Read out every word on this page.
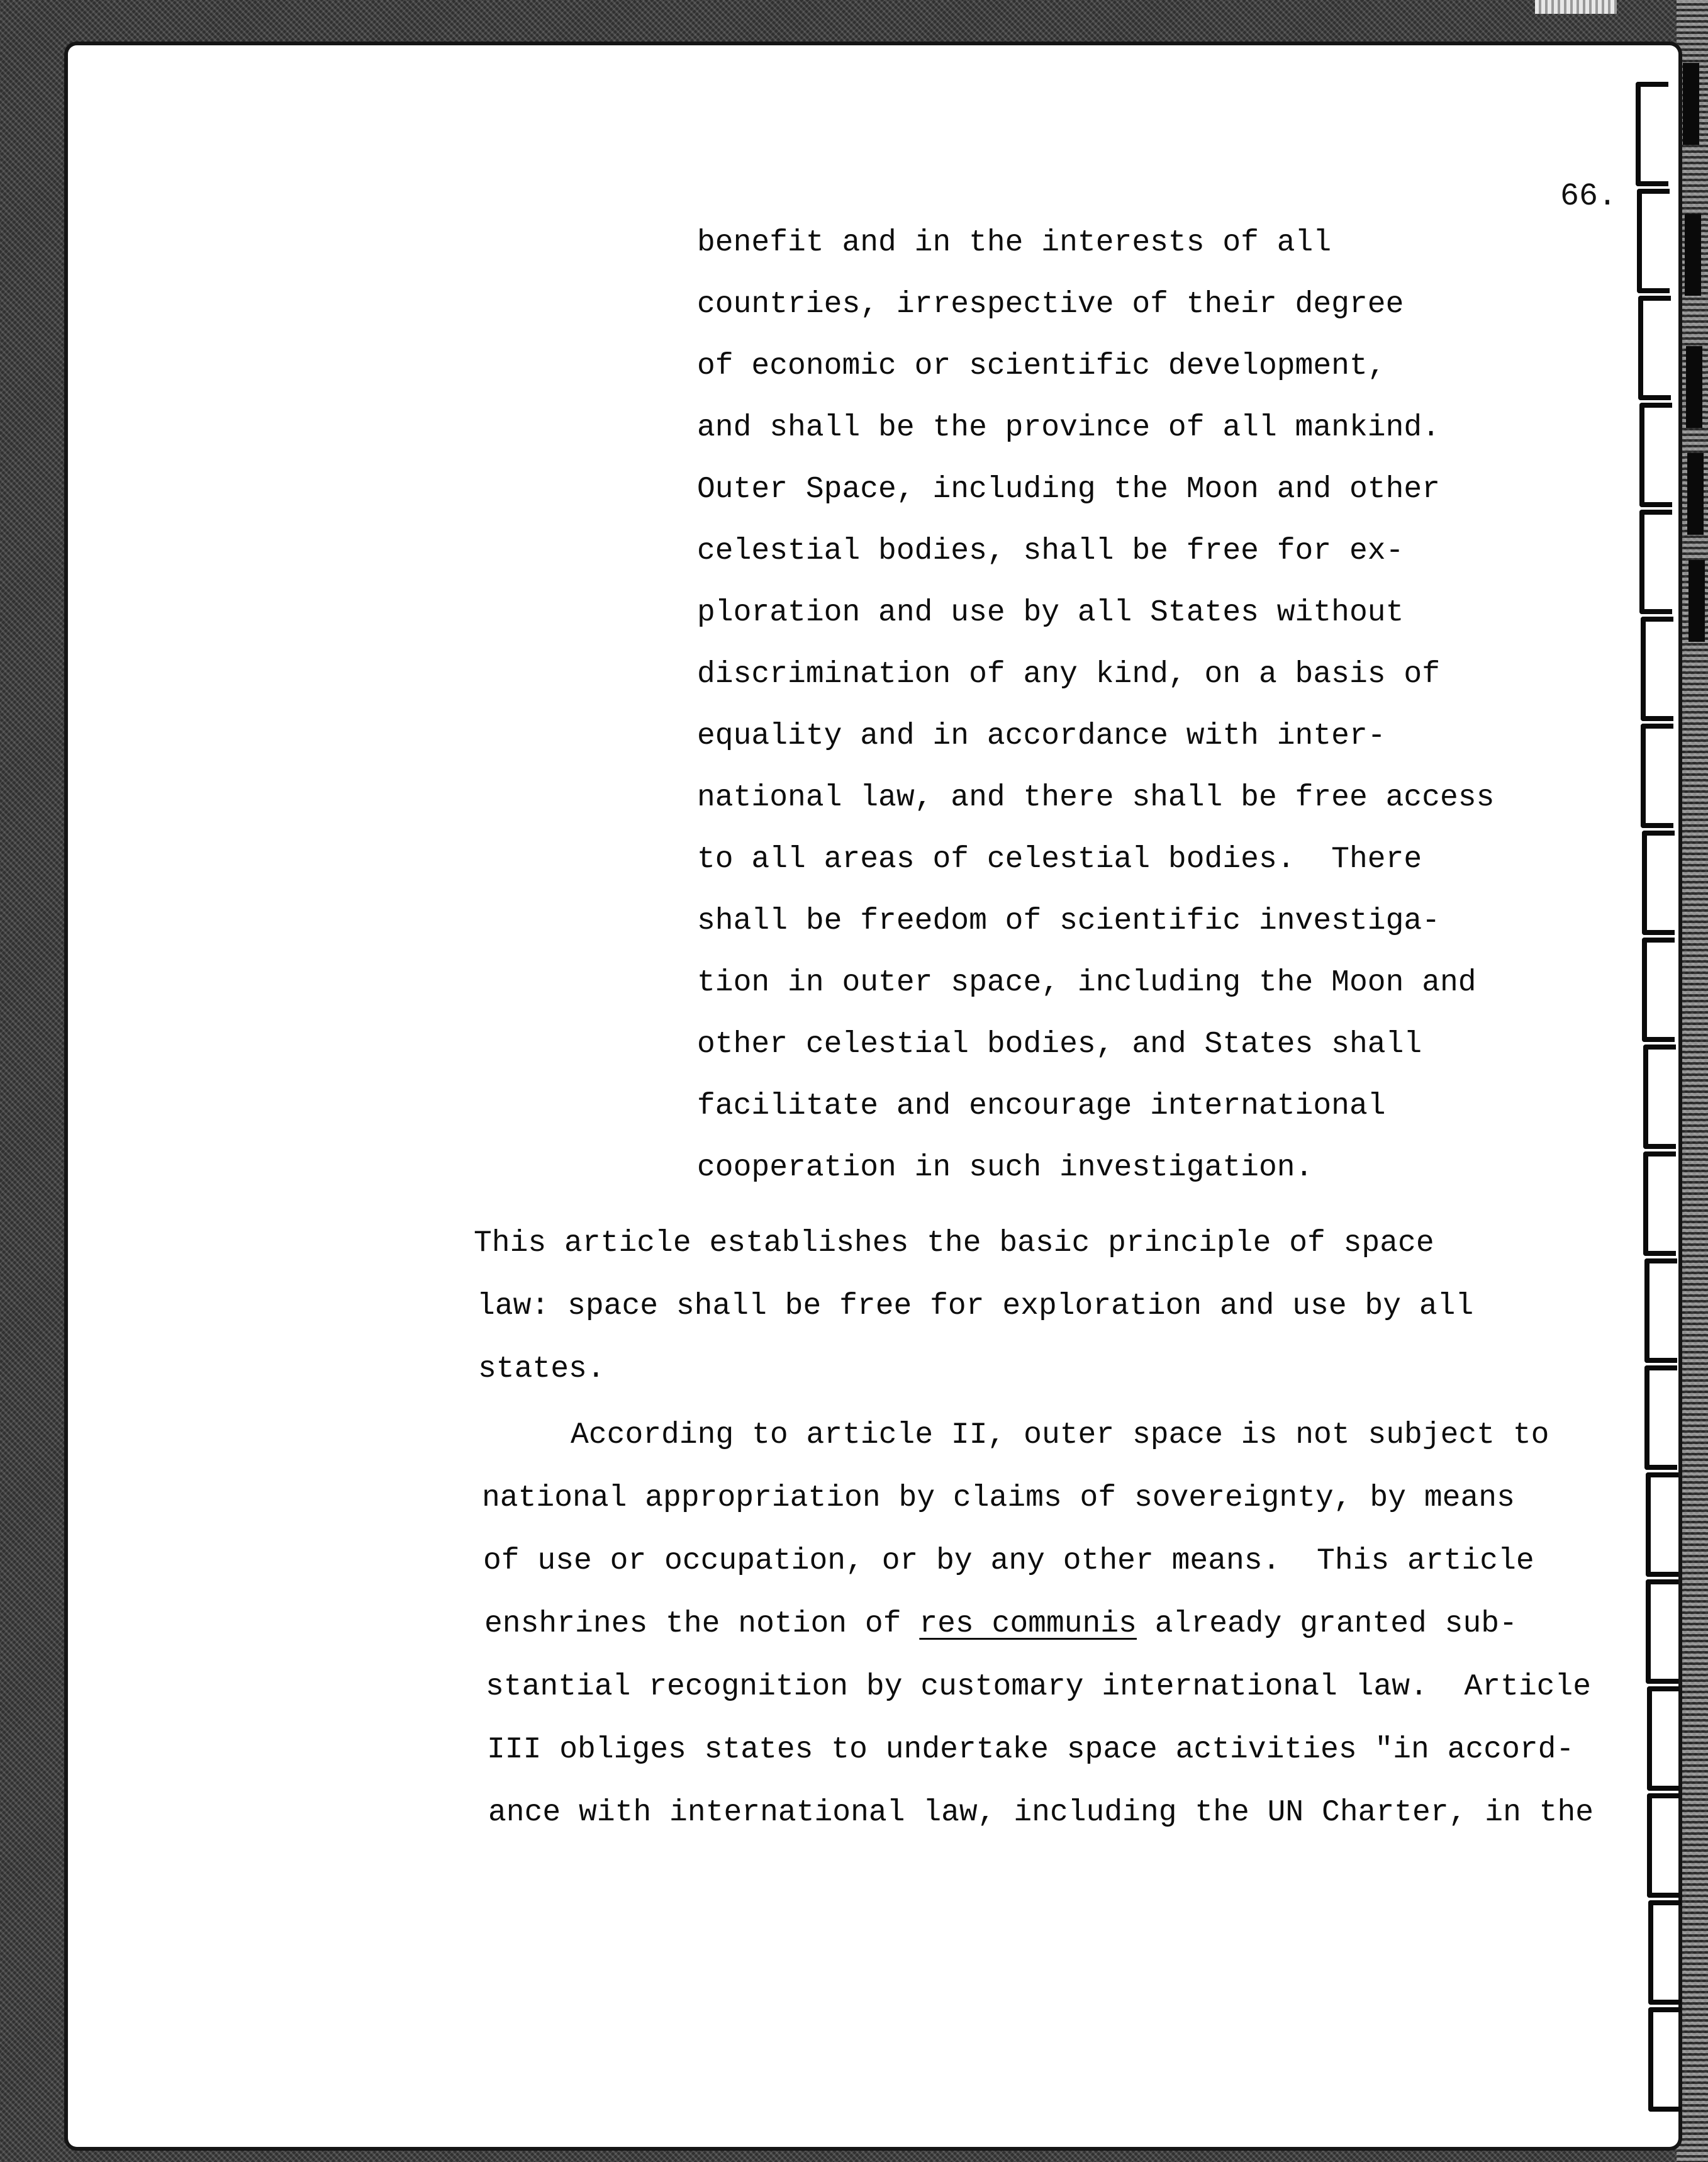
66.

benefit and in the interests of all

countries, irrespective of their degree

of economic or scientific development,

and shall be the province of all mankind.

Outer Space, including the Moon and other

celestial bodies, shall be free for ex-

ploration and use by all States without

discrimination of any kind, on a basis of

equality and in accordance with inter-

national law, and there shall be free access

to all areas of celestial bodies.  There

shall be freedom of scientific investiga-

tion in outer space, including the Moon and

other celestial bodies, and States shall

facilitate and encourage international

cooperation in such investigation.

This article establishes the basic principle of space

law: space shall be free for exploration and use by all

states.

According to article II, outer space is not subject to

national appropriation by claims of sovereignty, by means

of use or occupation, or by any other means.  This article

enshrines the notion of res communis already granted sub-

stantial recognition by customary international law.  Article

III obliges states to undertake space activities "in accord-

ance with international law, including the UN Charter, in the
